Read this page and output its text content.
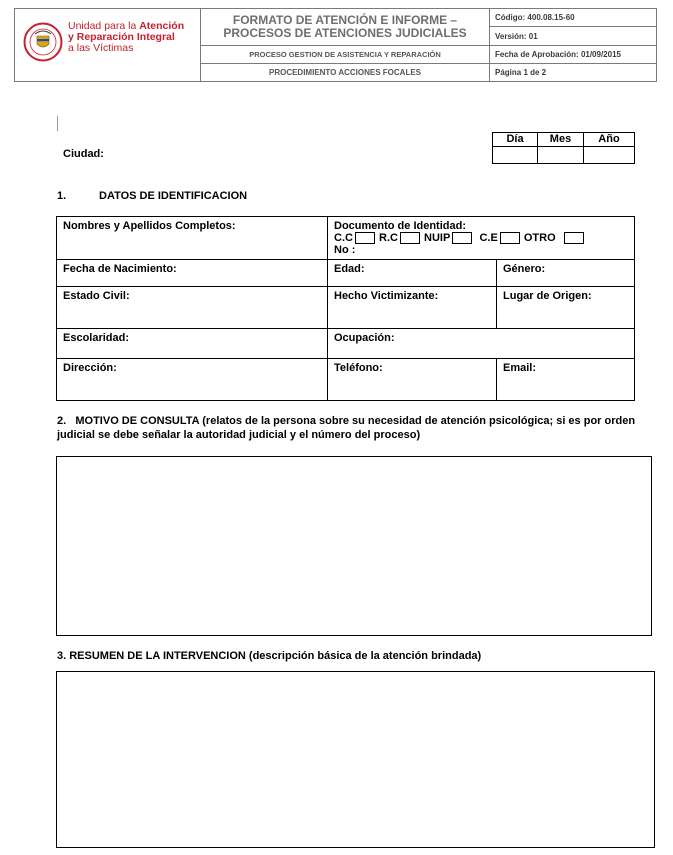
Unidad para la Atención
y Reparación Integral
a las Víctimas
FORMATO DE ATENCIÓN E INFORME – PROCESOS DE ATENCIONES JUDICIALES
PROCESO GESTION DE ASISTENCIA Y REPARACIÓN
PROCEDIMIENTO ACCIONES FOCALES
Código: 400.08.15-60
Versión: 01
Fecha de Aprobación: 01/09/2015
Página 1 de 2
Día	Mes	Año
Ciudad:
1.	DATOS DE IDENTIFICACION
Nombres y Apellidos Completos:	Documento de Identidad:
C.C R.C NUIP	C.E OTRO
No :
Fecha de Nacimiento:	Edad:	Género:
Estado Civil:	Hecho Victimizante:	Lugar de Origen:
Escolaridad:	Ocupación:
Dirección:	Teléfono:	Email:
2. MOTIVO DE CONSULTA (relatos de la persona sobre su necesidad de atención psicológica; si es por orden judicial se debe señalar la autoridad judicial y el número del proceso)
3. RESUMEN DE LA INTERVENCION (descripción básica de la atención brindada)
